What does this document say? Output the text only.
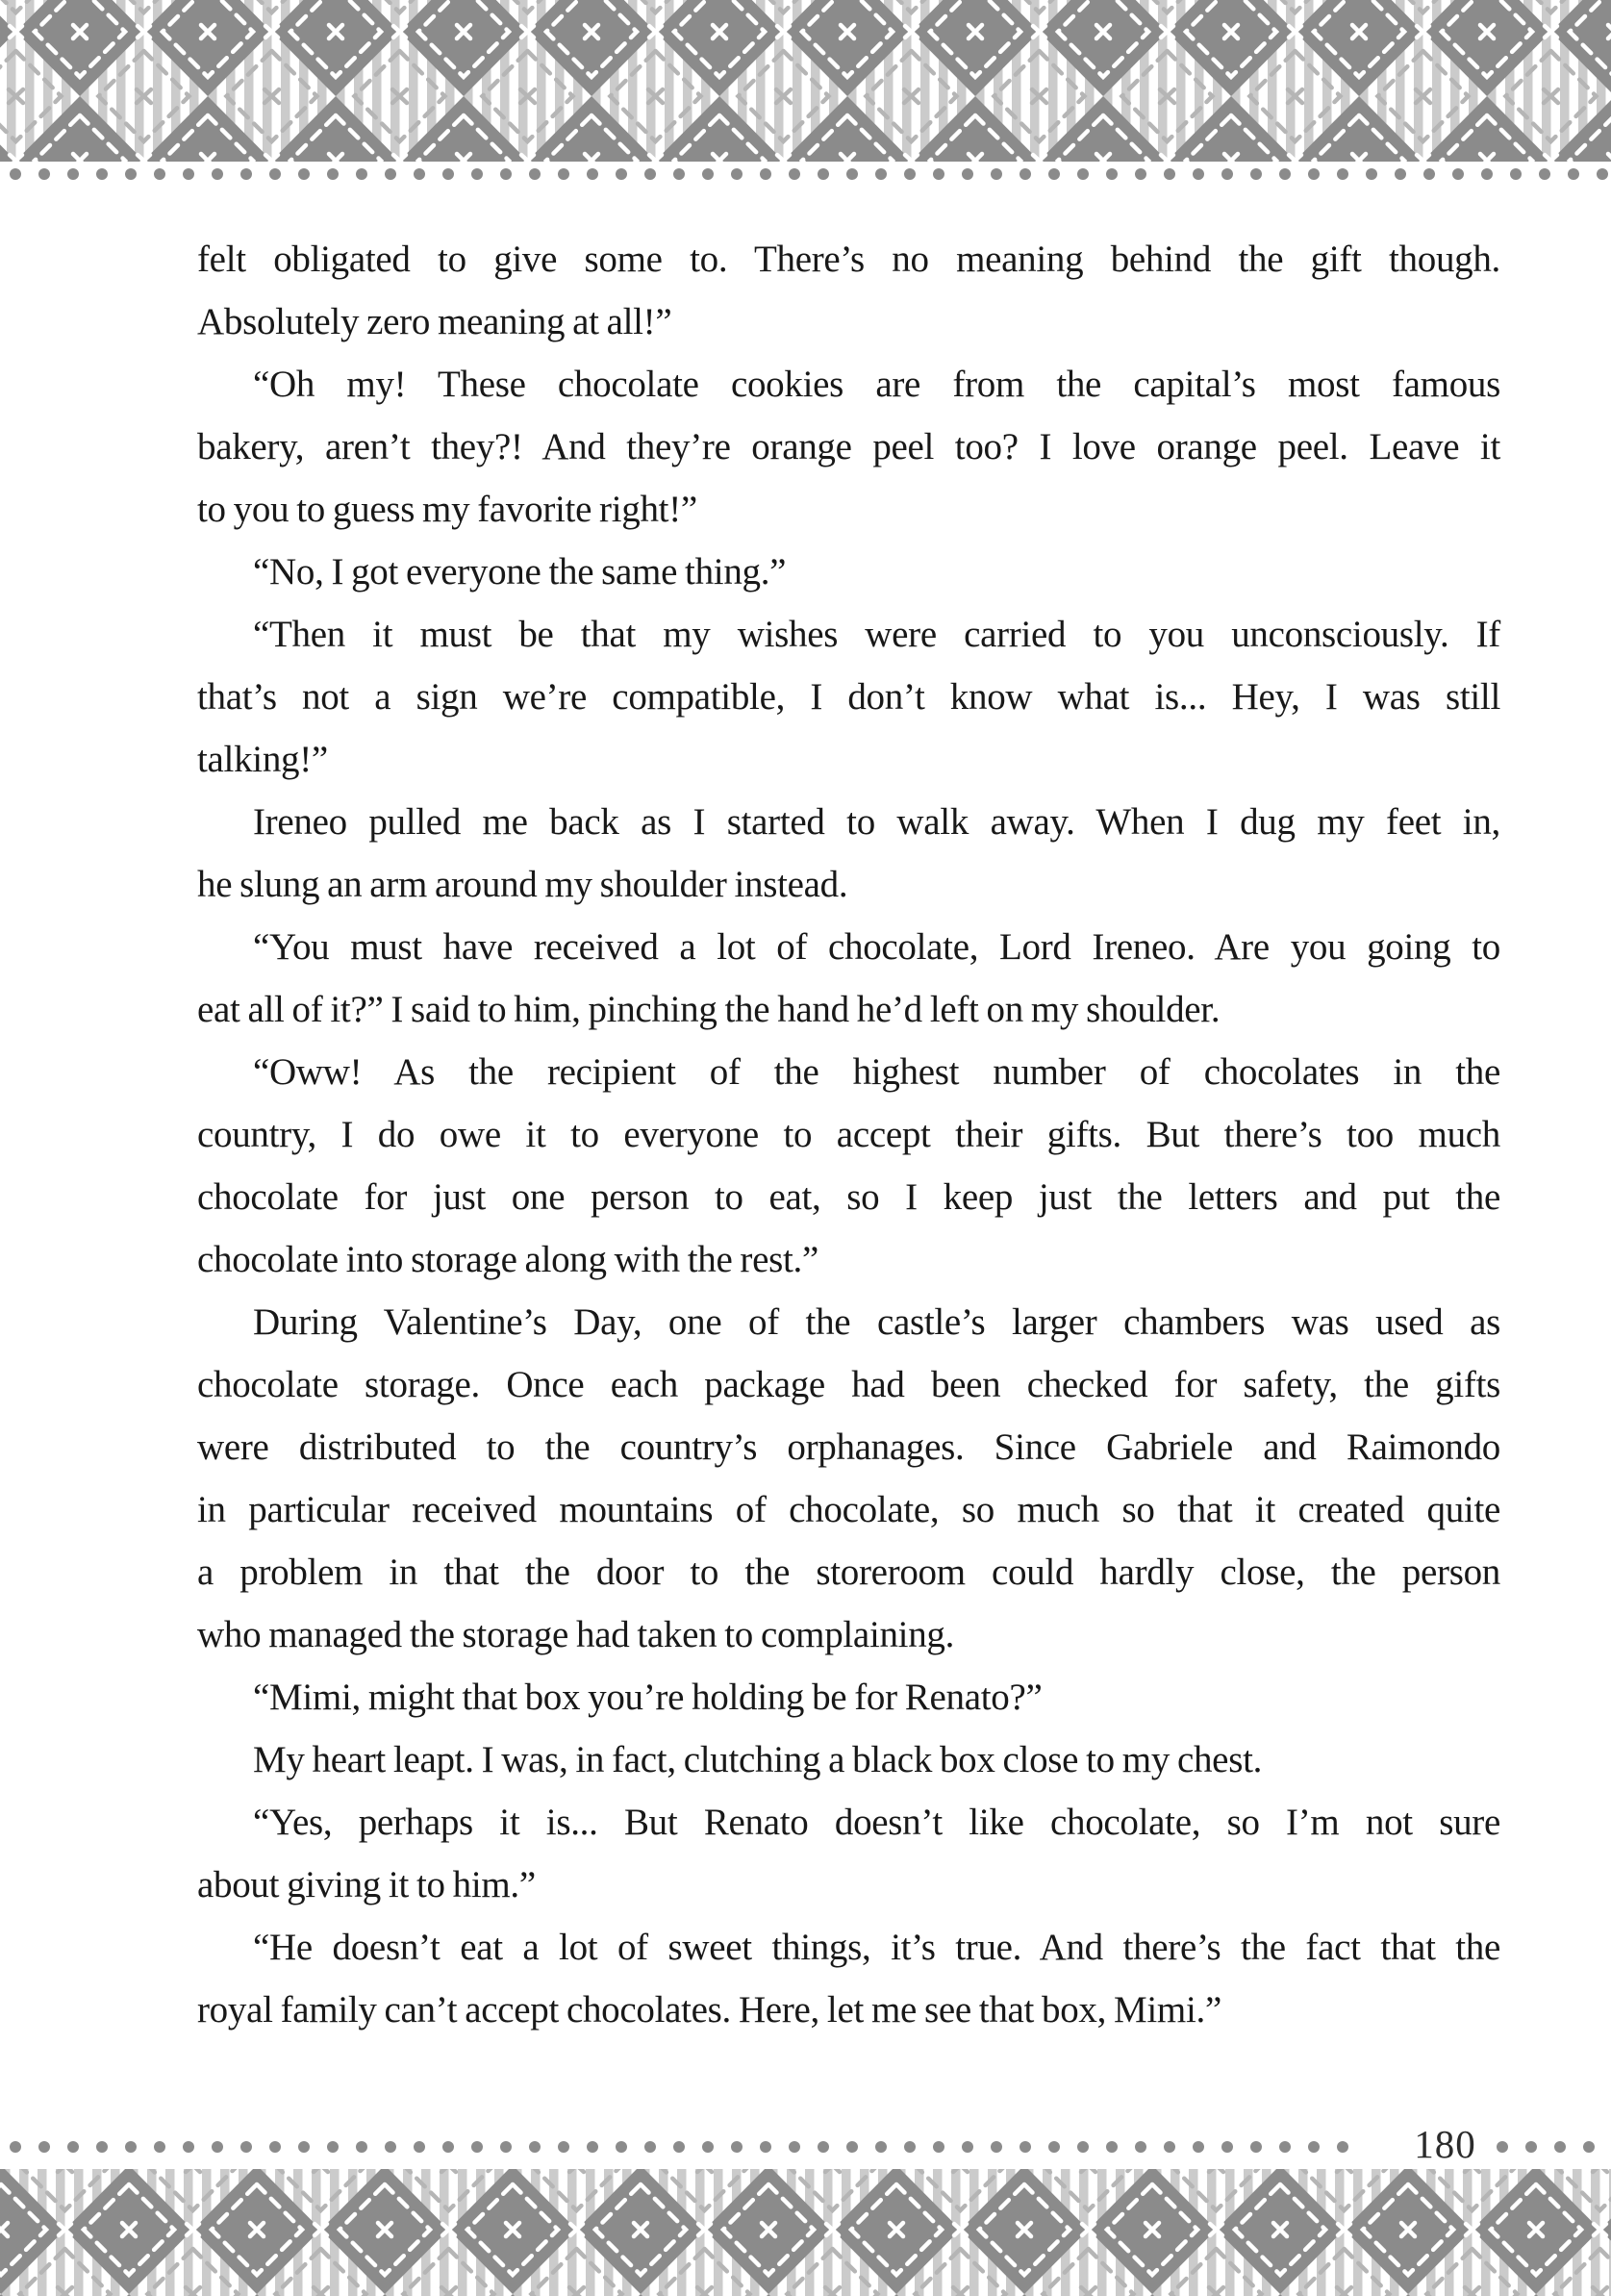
felt obligated to give some to. There’s no meaning behind the gift though.
Absolutely zero meaning at all!”
“Oh my! These chocolate cookies are from the capital’s most famous
bakery, aren’t they?! And they’re orange peel too? I love orange peel. Leave it
to you to guess my favorite right!”
“No, I got everyone the same thing.”
“Then it must be that my wishes were carried to you unconsciously. If
that’s not a sign we’re compatible, I don’t know what is... Hey, I was still
talking!”
Ireneo pulled me back as I started to walk away. When I dug my feet in,
he slung an arm around my shoulder instead.
“You must have received a lot of chocolate, Lord Ireneo. Are you going to
eat all of it?” I said to him, pinching the hand he’d left on my shoulder.
“Oww! As the recipient of the highest number of chocolates in the
country, I do owe it to everyone to accept their gifts. But there’s too much
chocolate for just one person to eat, so I keep just the letters and put the
chocolate into storage along with the rest.”
During Valentine’s Day, one of the castle’s larger chambers was used as
chocolate storage. Once each package had been checked for safety, the gifts
were distributed to the country’s orphanages. Since Gabriele and Raimondo
in particular received mountains of chocolate, so much so that it created quite
a problem in that the door to the storeroom could hardly close, the person
who managed the storage had taken to complaining.
“Mimi, might that box you’re holding be for Renato?”
My heart leapt. I was, in fact, clutching a black box close to my chest.
“Yes, perhaps it is... But Renato doesn’t like chocolate, so I’m not sure
about giving it to him.”
“He doesn’t eat a lot of sweet things, it’s true. And there’s the fact that the
royal family can’t accept chocolates. Here, let me see that box, Mimi.”
180
